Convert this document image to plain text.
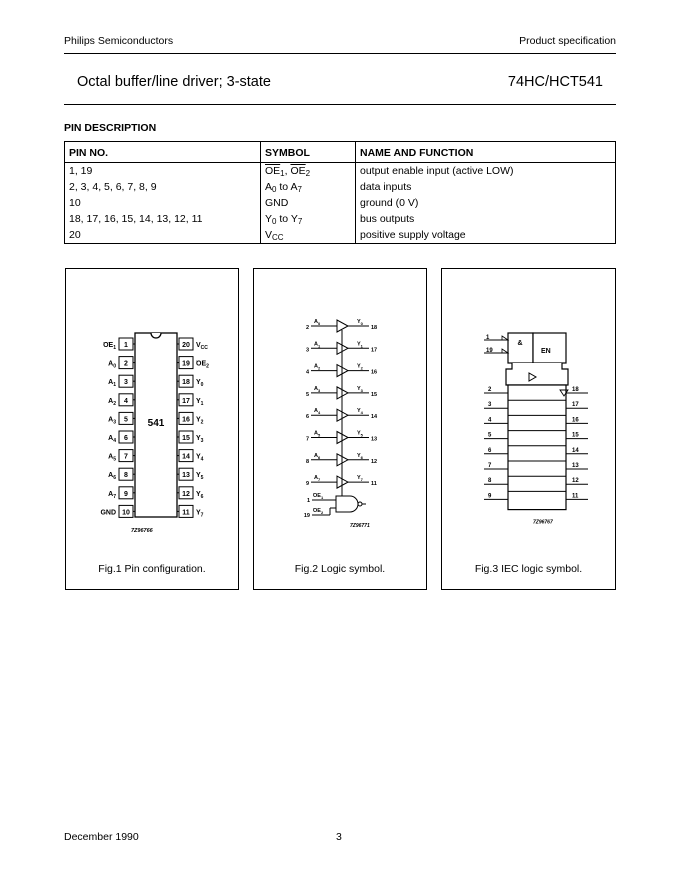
Philips Semiconductors	Product specification
Octal buffer/line driver; 3-state	74HC/HCT541
PIN DESCRIPTION
PIN NO.	SYMBOL	NAME AND FUNCTION
1, 19	$\overline{OE}_1$, $\overline{OE}_2$	output enable input (active LOW)
2, 3, 4, 5, 6, 7, 8, 9	$A_0$ to $A_7$	data inputs
10	GND	ground (0 V)
18, 17, 16, 15, 14, 13, 12, 11	$Y_0$ to $Y_7$	bus outputs
20	$V_{CC}$	positive supply voltage
541
1
$OE_1$
2
$A_0$
3
$A_1$
4
$A_2$
5
$A_3$
6
$A_4$
7
$A_5$
8
$A_6$
9
$A_7$
10
GND
20 $V_{CC}$
19 $OE_2$
18 $Y_0$
17 $Y_1$
16 $Y_2$
15 $Y_3$
14 $Y_4$
13 $Y_5$
12 $Y_6$
11 $Y_7$
7Z96766
Fig.1 Pin configuration.
2
$A_0$	$Y_0$
18
3
$A_1$	$Y_1$
17
4
$A_2$	$Y_2$
16
5
$A_3$	$Y_3$
15
6
$A_4$	$Y_4$
14
7
$A_5$	$Y_5$
13
8
$A_6$	$Y_6$
12
9
$A_7$	$Y_7$
11
1
$OE_1$
19
$OE_2$
7Z96771
Fig.2 Logic symbol.
&
EN
1
19
2	18
3	17
4	16
5	15
6	14
7	13
8	12
9	11
7Z96767
Fig.3 IEC logic symbol.
December 1990	3
